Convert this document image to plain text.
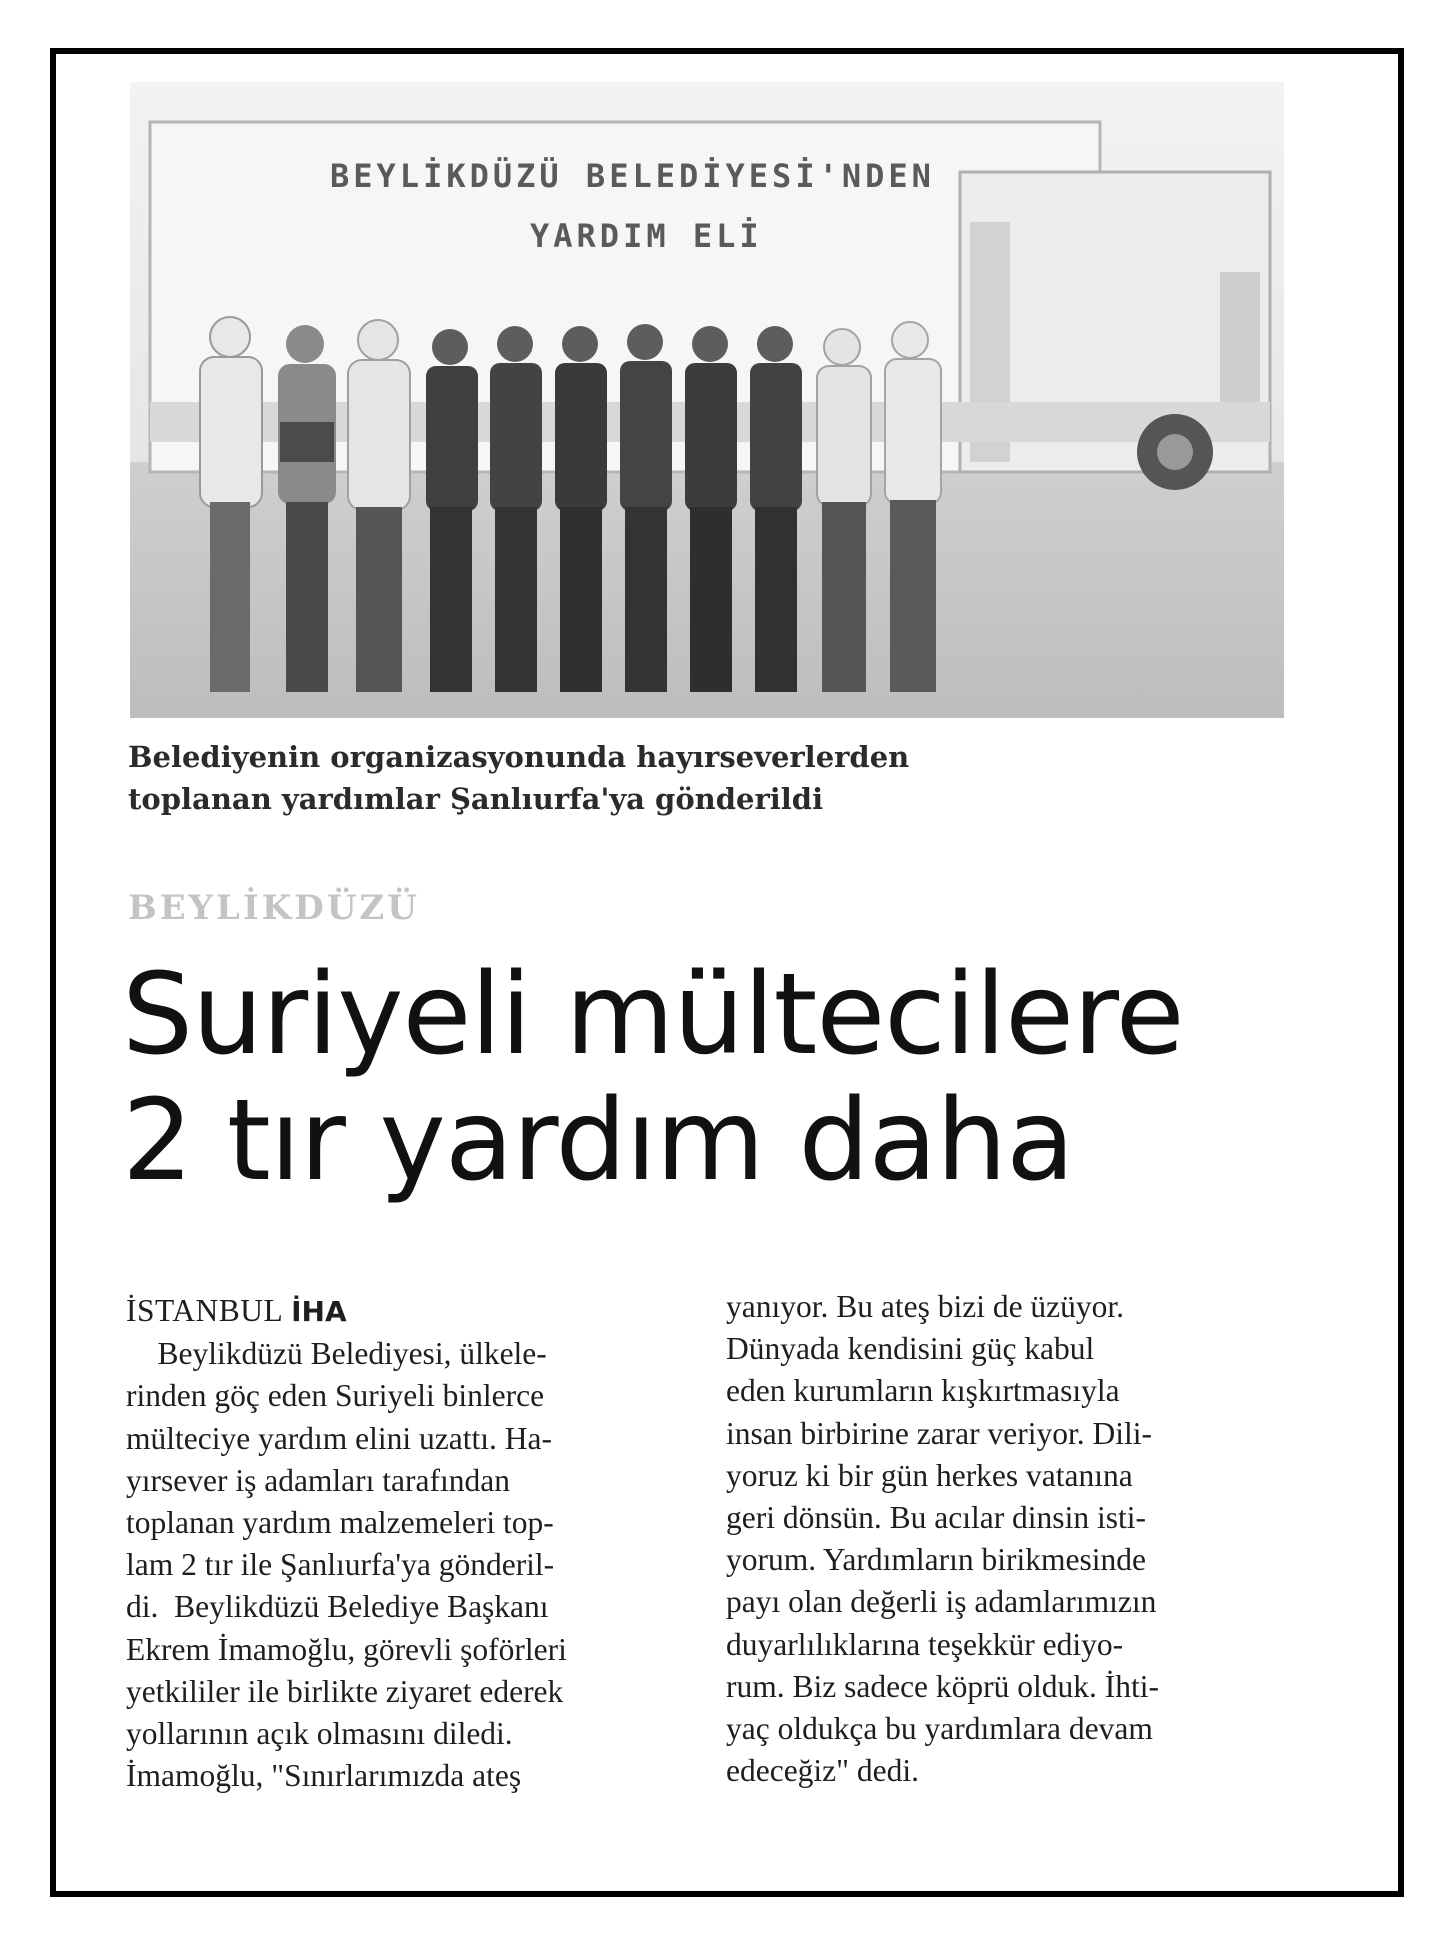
BEYLİKDÜZÜ BELEDİYESİ'NDEN
YARDIM ELİ
Belediyenin organizasyonunda hayırseverlerden
toplanan yardımlar Şanlıurfa'ya gönderildi
BEYLİKDÜZÜ
Suriyeli mültecilere
2 tır yardım daha
İSTANBUL İHA
Beylikdüzü Belediyesi, ülkele-
rinden göç eden Suriyeli binlerce
mülteciye yardım elini uzattı. Ha-
yırsever iş adamları tarafından
toplanan yardım malzemeleri top-
lam 2 tır ile Şanlıurfa'ya gönderil-
di.  Beylikdüzü Belediye Başkanı
Ekrem İmamoğlu, görevli şoförleri
yetkililer ile birlikte ziyaret ederek
yollarının açık olmasını diledi.
İmamoğlu, "Sınırlarımızda ateş
yanıyor. Bu ateş bizi de üzüyor.
Dünyada kendisini güç kabul
eden kurumların kışkırtmasıyla
insan birbirine zarar veriyor. Dili-
yoruz ki bir gün herkes vatanına
geri dönsün. Bu acılar dinsin isti-
yorum. Yardımların birikmesinde
payı olan değerli iş adamlarımızın
duyarlılıklarına teşekkür ediyo-
rum. Biz sadece köprü olduk. İhti-
yaç oldukça bu yardımlara devam
edeceğiz" dedi.
